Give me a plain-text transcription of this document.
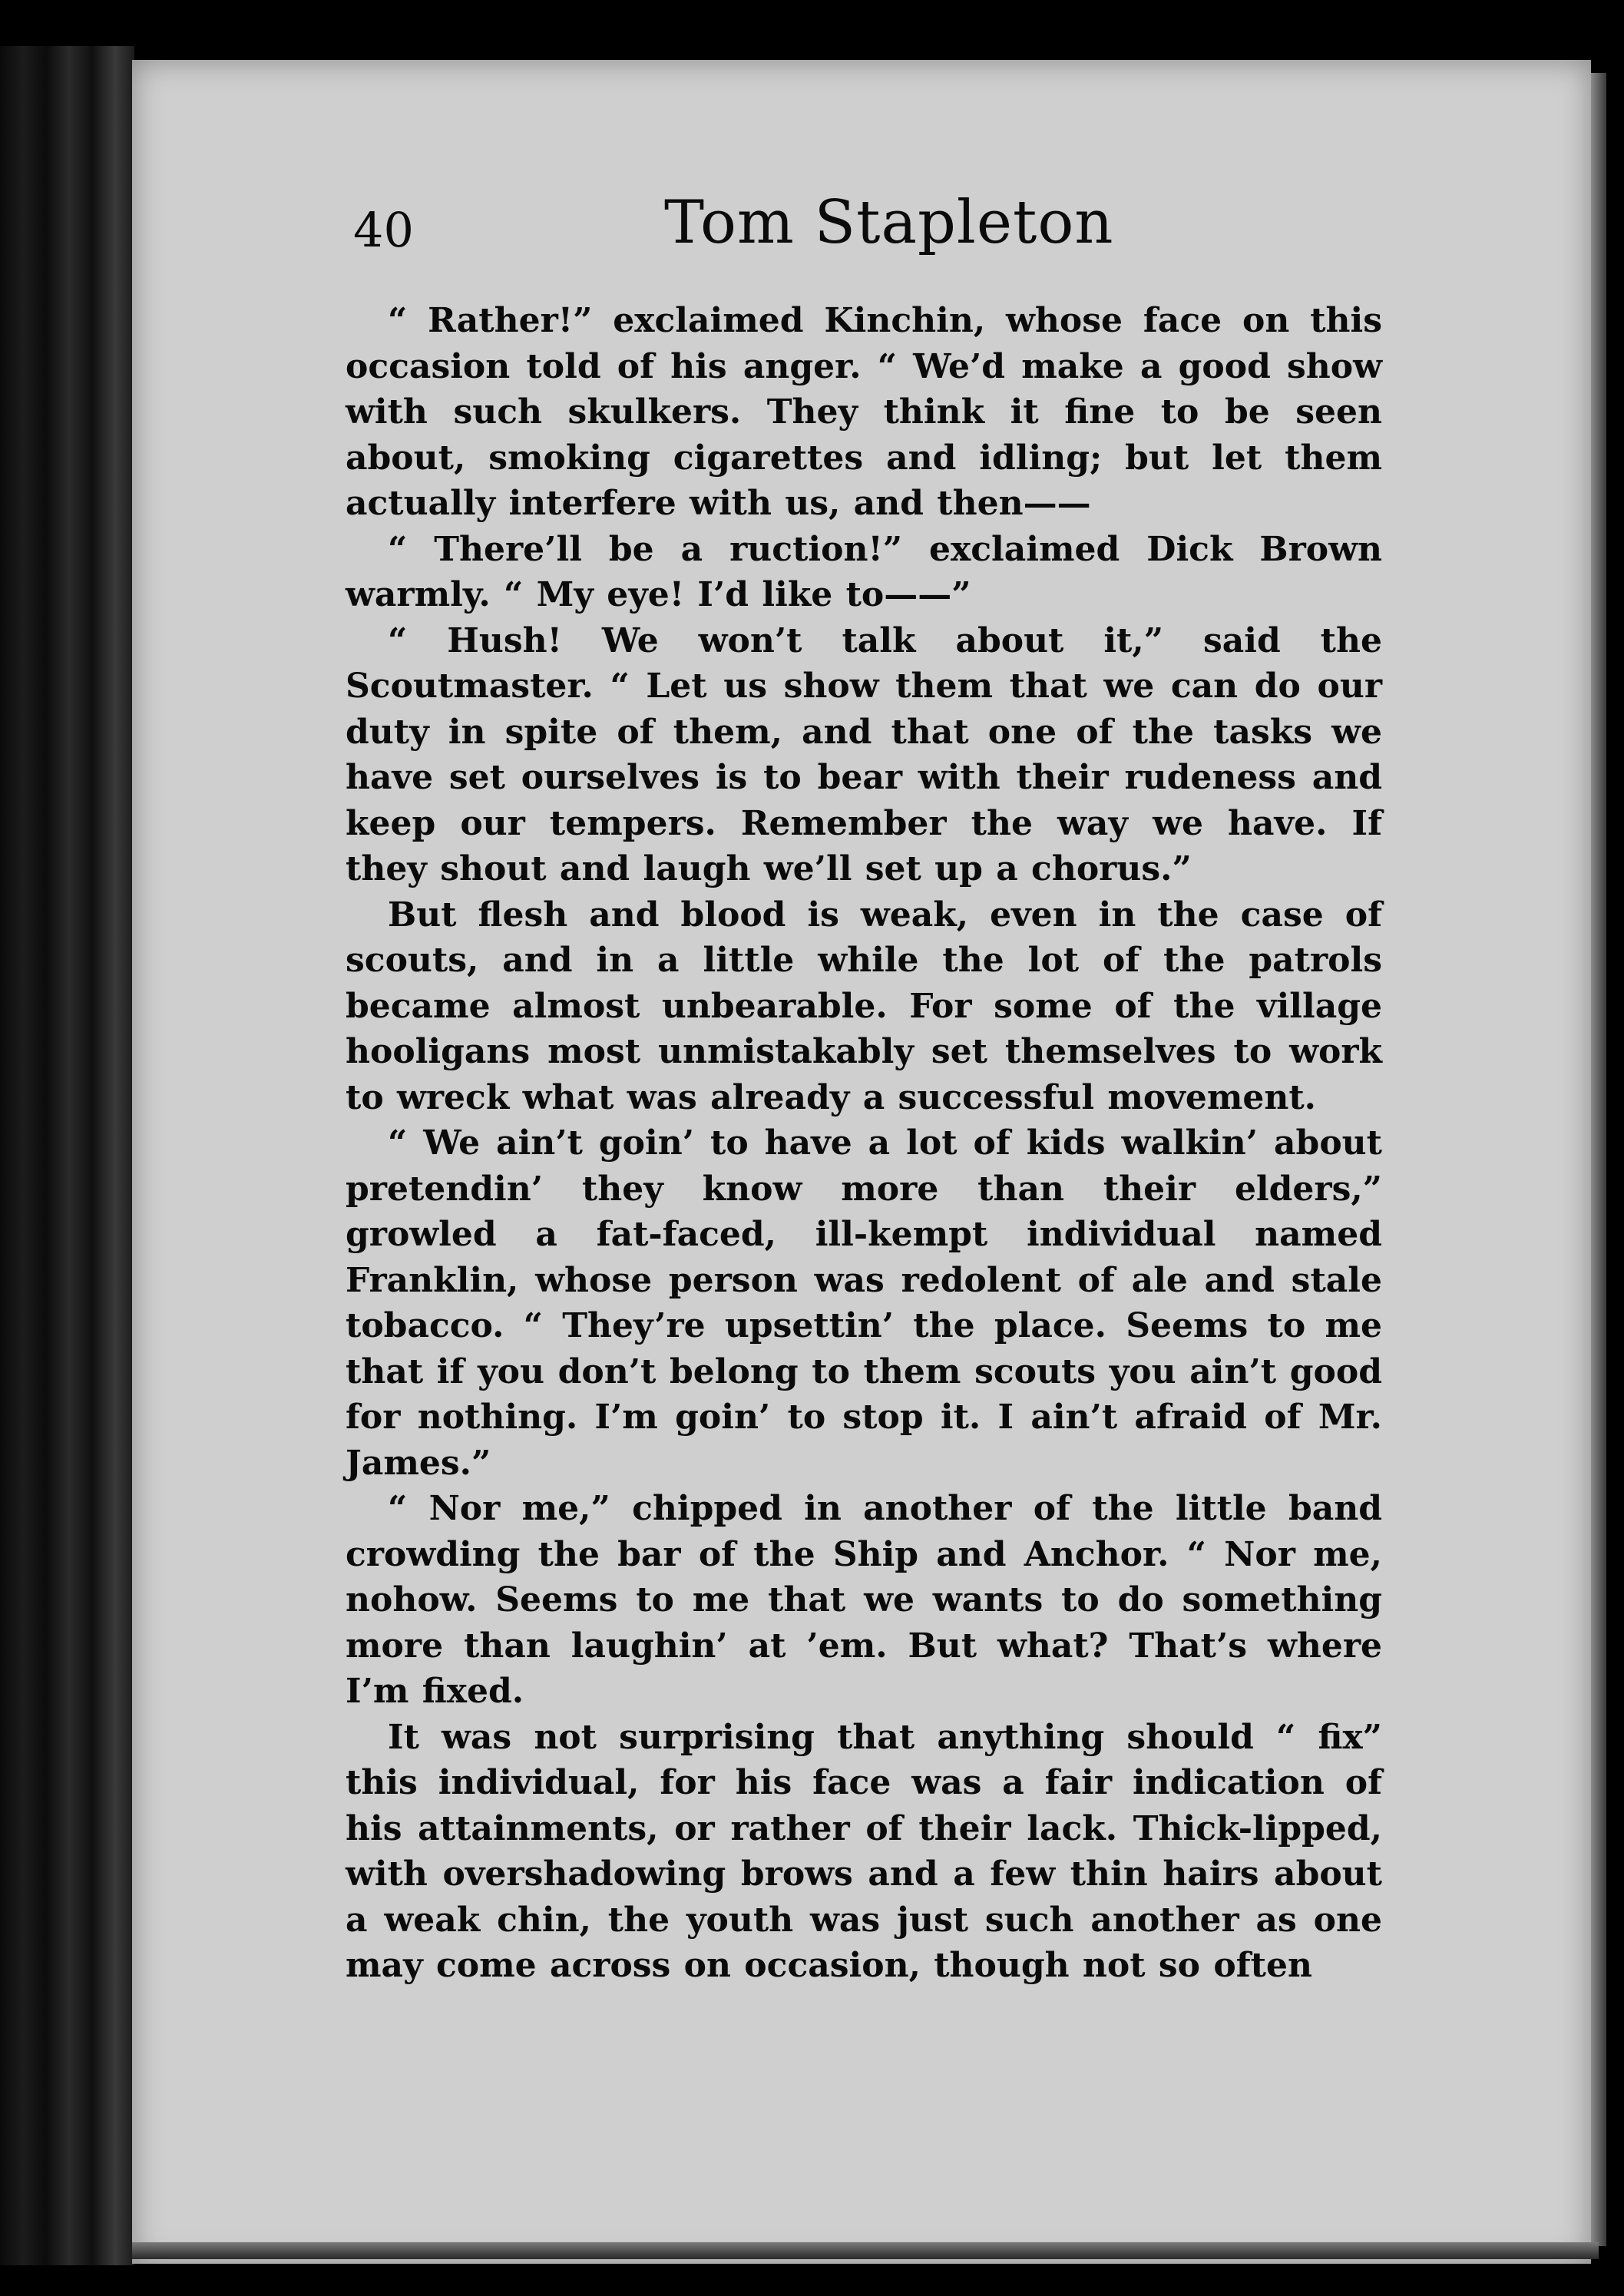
40	Tom Stapleton

“ Rather!” exclaimed Kinchin, whose face on this occasion told of his anger. “ We’d make a good show with such skulkers. They think it fine to be seen about, smoking cigarettes and idling; but let them actually interfere with us, and then——

“ There’ll be a ruction!” exclaimed Dick Brown warmly. “ My eye! I’d like to——”

“ Hush! We won’t talk about it,” said the Scoutmaster. “ Let us show them that we can do our duty in spite of them, and that one of the tasks we have set ourselves is to bear with their rudeness and keep our tempers. Remember the way we have. If they shout and laugh we’ll set up a chorus.”

But flesh and blood is weak, even in the case of scouts, and in a little while the lot of the patrols became almost unbearable. For some of the village hooligans most unmistakably set themselves to work to wreck what was already a successful movement.

“ We ain’t goin’ to have a lot of kids walkin’ about pretendin’ they know more than their elders,” growled a fat-faced, ill-kempt individual named Franklin, whose person was redolent of ale and stale tobacco. “ They’re upsettin’ the place. Seems to me that if you don’t belong to them scouts you ain’t good for nothing. I’m goin’ to stop it. I ain’t afraid of Mr. James.”

“ Nor me,” chipped in another of the little band crowding the bar of the Ship and Anchor. “ Nor me, nohow. Seems to me that we wants to do something more than laughin’ at ’em. But what? That’s where I’m fixed.

It was not surprising that anything should “ fix” this individual, for his face was a fair indication of his attainments, or rather of their lack. Thick-lipped, with overshadowing brows and a few thin hairs about a weak chin, the youth was just such another as one may come across on occasion, though not so often
